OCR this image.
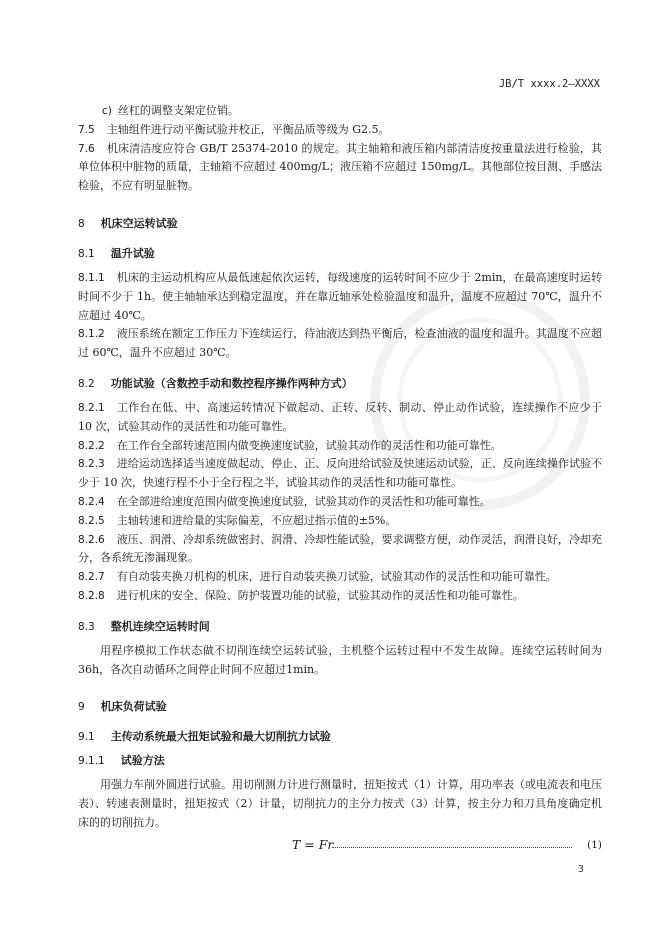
JB/T xxxx.2—XXXX

c) 丝杠的调整支架定位销。

7.5 主轴组件进行动平衡试验并校正，平衡品质等级为 G2.5。

7.6 机床清洁度应符合 GB/T 25374-2010 的规定。其主轴箱和液压箱内部清洁度按重量法进行检验，其单位体积中脏物的质量，主轴箱不应超过 400mg/L；液压箱不应超过 150mg/L。其他部位按目测、手感法检验，不应有明显脏物。

8 机床空运转试验

8.1 温升试验

8.1.1 机床的主运动机构应从最低速起依次运转，每级速度的运转时间不应少于 2min，在最高速度时运转时间不少于 1h。使主轴轴承达到稳定温度，并在靠近轴承处检验温度和温升，温度不应超过 70℃，温升不应超过 40℃。

8.1.2 液压系统在额定工作压力下连续运行，待油液达到热平衡后，检查油液的温度和温升。其温度不应超过 60℃，温升不应超过 30℃。

8.2 功能试验（含数控手动和数控程序操作两种方式）

8.2.1 工作台在低、中、高速运转情况下做起动、正转、反转、制动、停止动作试验，连续操作不应少于 10 次，试验其动作的灵活性和功能可靠性。

8.2.2 在工作台全部转速范围内做变换速度试验，试验其动作的灵活性和功能可靠性。

8.2.3 进给运动选择适当速度做起动、停止、正、反向进给试验及快速运动试验，正、反向连续操作试验不少于 10 次，快速行程不小于全行程之半，试验其动作的灵活性和功能可靠性。

8.2.4 在全部进给速度范围内做变换速度试验，试验其动作的灵活性和功能可靠性。

8.2.5 主轴转速和进给量的实际偏差，不应超过指示值的±5%。

8.2.6 液压、润滑、冷却系统做密封、润滑、冷却性能试验，要求调整方便，动作灵活，润滑良好，冷却充分，各系统无渗漏现象。

8.2.7 有自动装夹换刀机构的机床，进行自动装夹换刀试验，试验其动作的灵活性和功能可靠性。

8.2.8 进行机床的安全、保险、防护装置功能的试验，试验其动作的灵活性和功能可靠性。

8.3 整机连续空运转时间

用程序模拟工作状态做不切削连续空运转试验，主机整个运转过程中不发生故障。连续空运转时间为36h，各次自动循环之间停止时间不应超过1min。

9 机床负荷试验

9.1 主传动系统最大扭矩试验和最大切削抗力试验

9.1.1 试验方法

用强力车削外圆进行试验。用切削测力计进行测量时，扭矩按式（1）计算，用功率表（或电流表和电压表）、转速表测量时，扭矩按式（2）计量，切削抗力的主分力按式（3）计算，按主分力和刀具角度确定机床的的切削抗力。

T = Fr	(1)
3
